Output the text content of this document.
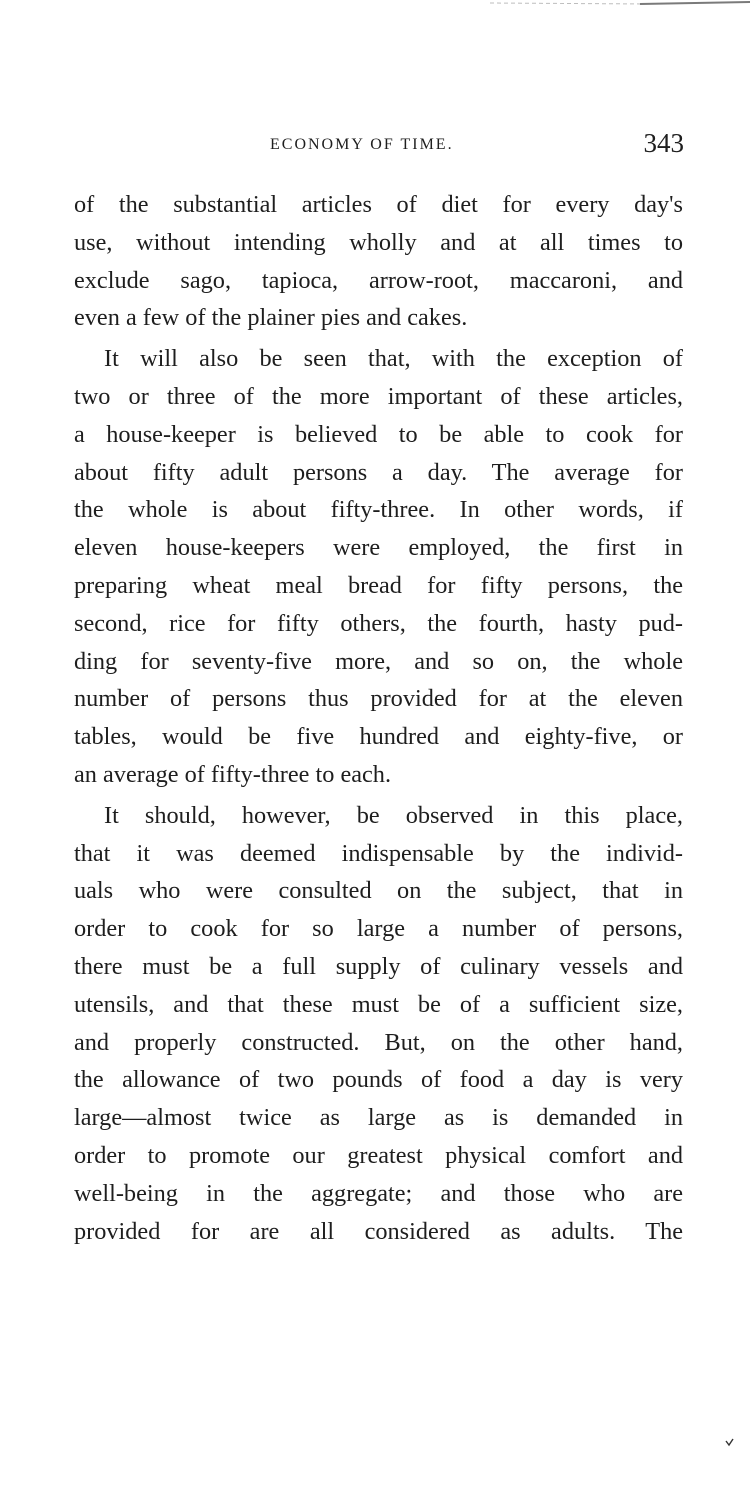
ECONOMY OF TIME.	343
of the substantial articles of diet for every day's
use, without intending wholly and at all times to
exclude sago, tapioca, arrow-root, maccaroni, and
even a few of the plainer pies and cakes.
It will also be seen that, with the exception of
two or three of the more important of these articles,
a house-keeper is believed to be able to cook for
about fifty adult persons a day. The average for
the whole is about fifty-three. In other words, if
eleven house-keepers were employed, the first in
preparing wheat meal bread for fifty persons, the
second, rice for fifty others, the fourth, hasty pud-
ding for seventy-five more, and so on, the whole
number of persons thus provided for at the eleven
tables, would be five hundred and eighty-five, or
an average of fifty-three to each.
It should, however, be observed in this place,
that it was deemed indispensable by the individ-
uals who were consulted on the subject, that in
order to cook for so large a number of persons,
there must be a full supply of culinary vessels and
utensils, and that these must be of a sufficient size,
and properly constructed. But, on the other hand,
the allowance of two pounds of food a day is very
large—almost twice as large as is demanded in
order to promote our greatest physical comfort and
well-being in the aggregate; and those who are
provided for are all considered as adults. The
